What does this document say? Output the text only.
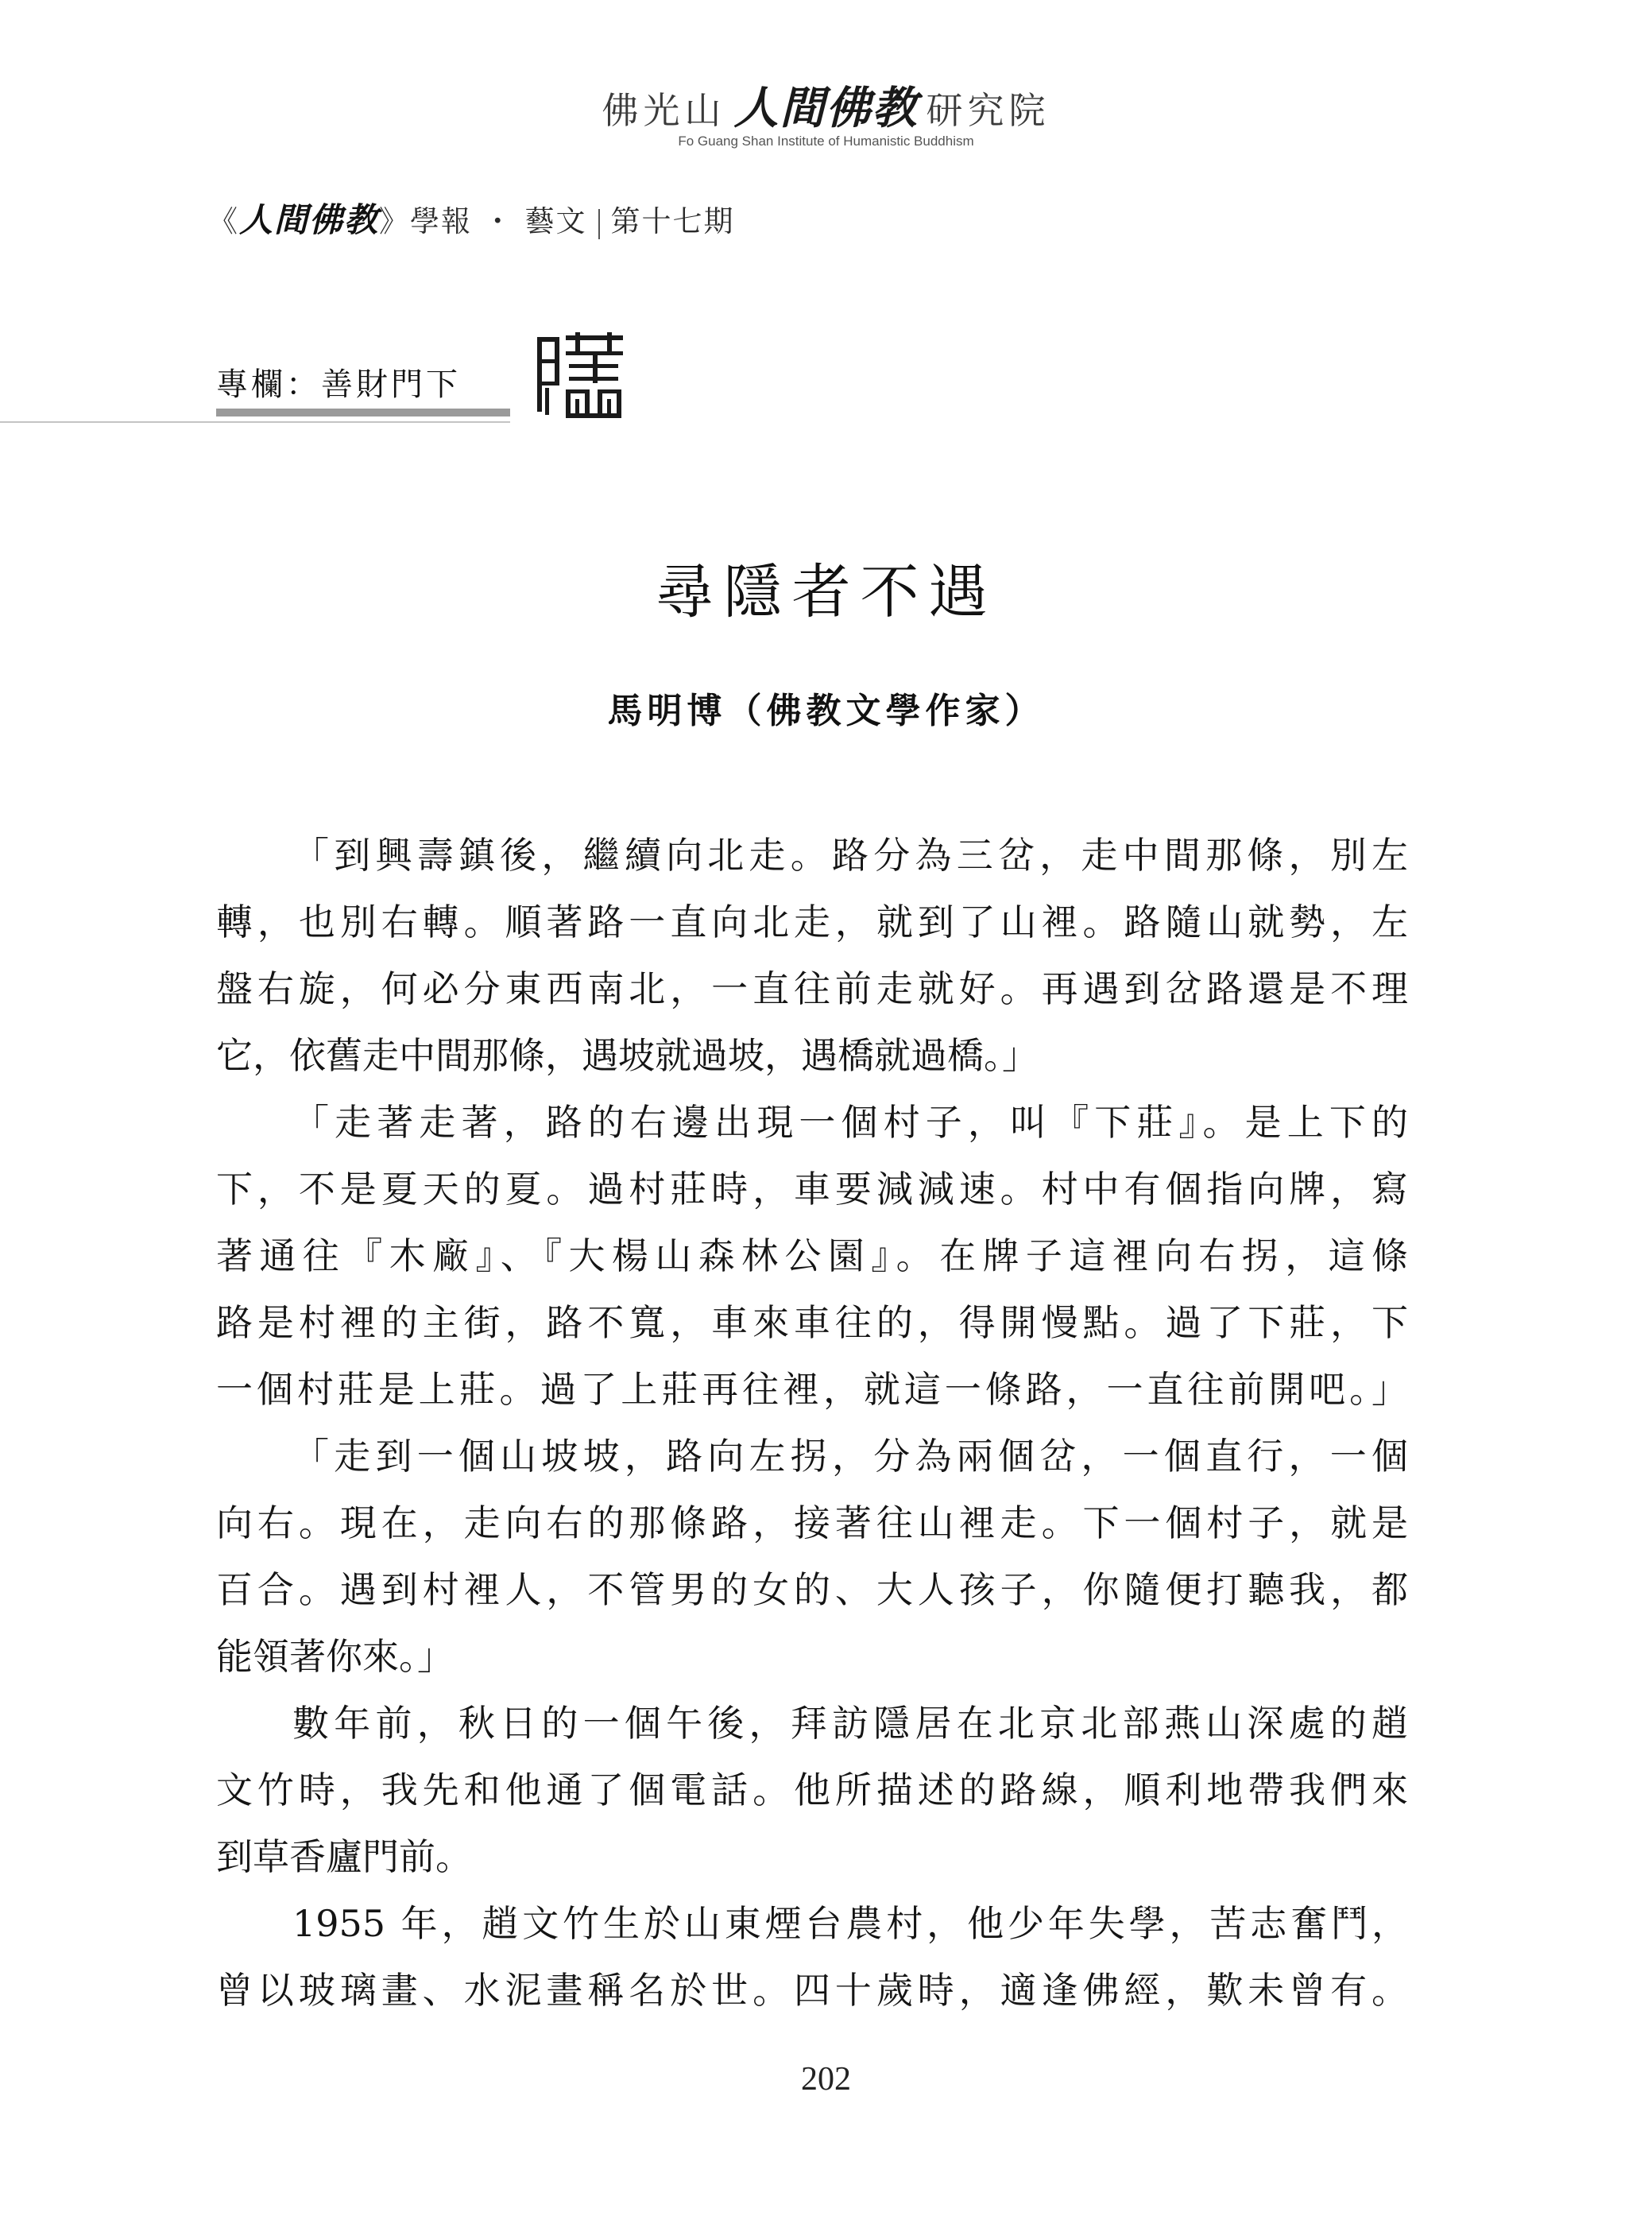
佛光山 人間佛教 研究院
Fo Guang Shan Institute of Humanistic Buddhism
《人間佛教》學報 ・ 藝文 第十七期
專欄：善財門下
尋隱者不遇
馬明博（佛教文學作家）
「到興壽鎮後，繼續向北走。路分為三岔，走中間那條，別左
轉，也別右轉。順著路一直向北走，就到了山裡。路隨山就勢，左
盤右旋，何必分東西南北，一直往前走就好。再遇到岔路還是不理
它，依舊走中間那條，遇坡就過坡，遇橋就過橋。」
「走著走著，路的右邊出現一個村子，叫『下莊』。是上下的
下，不是夏天的夏。過村莊時，車要減減速。村中有個指向牌，寫
著通往『木廠』、『大楊山森林公園』。在牌子這裡向右拐，這條
路是村裡的主街，路不寬，車來車往的，得開慢點。過了下莊，下
一個村莊是上莊。過了上莊再往裡，就這一條路，一直往前開吧。」
「走到一個山坡坡，路向左拐，分為兩個岔，一個直行，一個
向右。現在，走向右的那條路，接著往山裡走。下一個村子，就是
百合。遇到村裡人，不管男的女的、大人孩子，你隨便打聽我，都
能領著你來。」
數年前，秋日的一個午後，拜訪隱居在北京北部燕山深處的趙
文竹時，我先和他通了個電話。他所描述的路線，順利地帶我們來
到草香廬門前。
1955 年，趙文竹生於山東煙台農村，他少年失學，苦志奮鬥，
曾以玻璃畫、水泥畫稱名於世。四十歲時，適逢佛經，歎未曾有。
202
